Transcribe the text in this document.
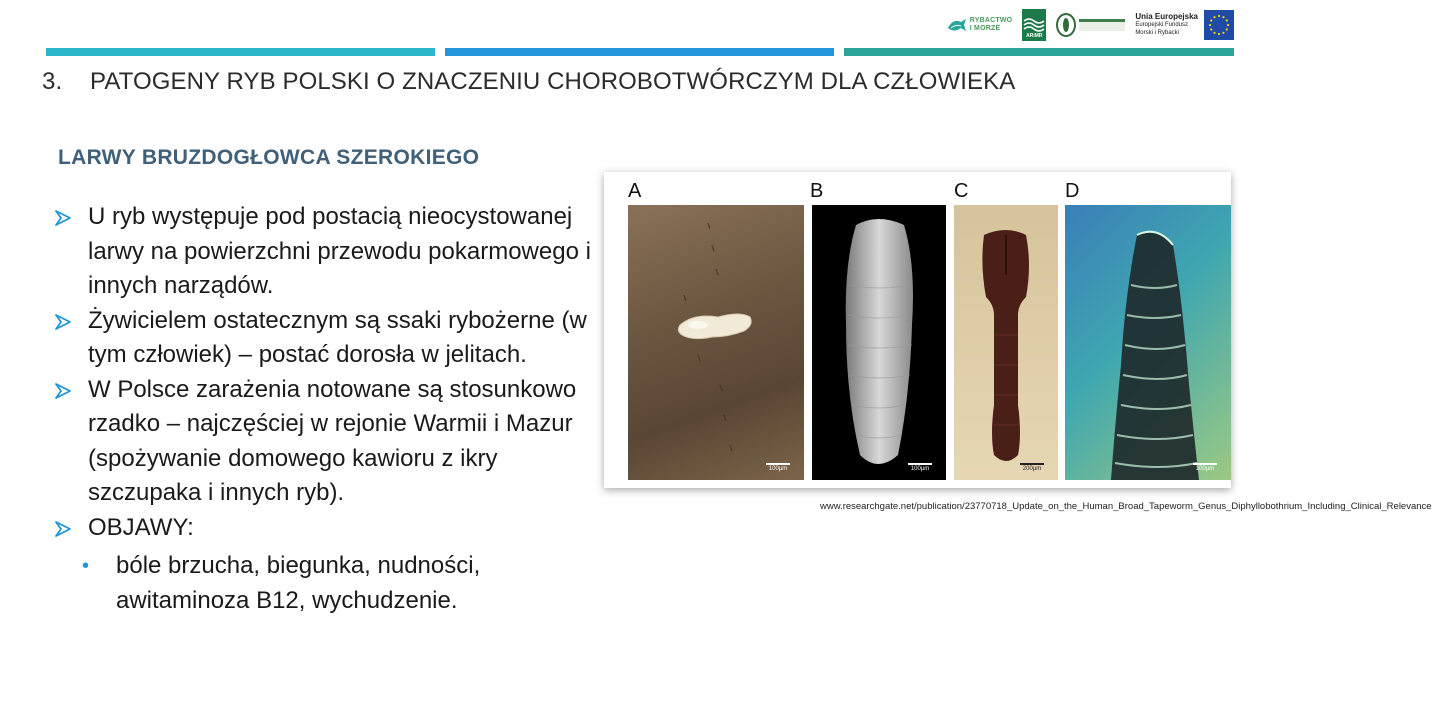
RYBACTWO
I MORZE
ARiMR
Unia Europejska
Europejski Fundusz
Morski i Rybacki
3. PATOGENY RYB POLSKI O ZNACZENIU CHOROBOTWÓRCZYM DLA CZŁOWIEKA
LARWY BRUZDOGŁOWCA SZEROKIEGO
U ryb występuje pod postacią nieocystowanej larwy na powierzchni przewodu pokarmowego i innych narządów.
Żywicielem ostatecznym są ssaki rybożerne (w tym człowiek) – postać dorosła w jelitach.
W Polsce zarażenia notowane są stosunkowo rzadko – najczęściej w rejonie Warmii i Mazur (spożywanie domowego kawioru z ikry szczupaka i innych ryb).
OBJAWY:
• bóle brzucha, biegunka, nudności, awitaminoza B12, wychudzenie.
A	B	C	D
100µm	100µm	200µm	100µm
www.researchgate.net/publication/23770718_Update_on_the_Human_Broad_Tapeworm_Genus_Diphyllobothrium_Including_Clinical_Relevance
